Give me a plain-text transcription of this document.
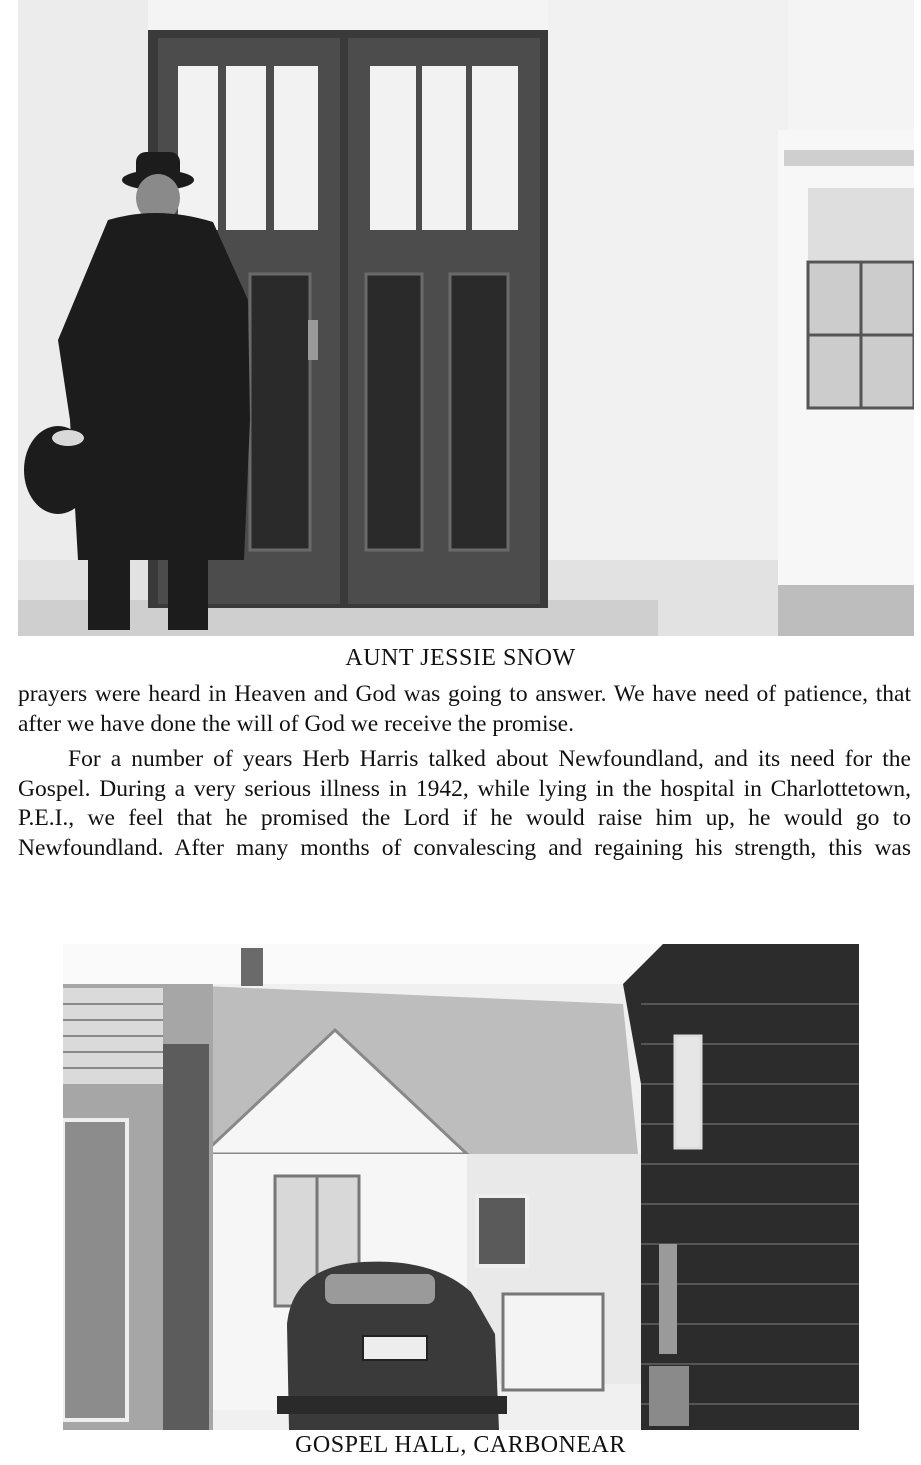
AUNT JESSIE SNOW

prayers were heard in Heaven and God was going to answer. We have need of patience, that after we have done the will of God we receive the promise.

For a number of years Herb Harris talked about Newfoundland, and its need for the Gospel. During a very serious illness in 1942, while lying in the hospital in Charlottetown, P.E.I., we feel that he promised the Lord if he would raise him up, he would go to Newfoundland. After many months of convalescing and regaining his strength, this was

GOSPEL HALL, CARBONEAR
